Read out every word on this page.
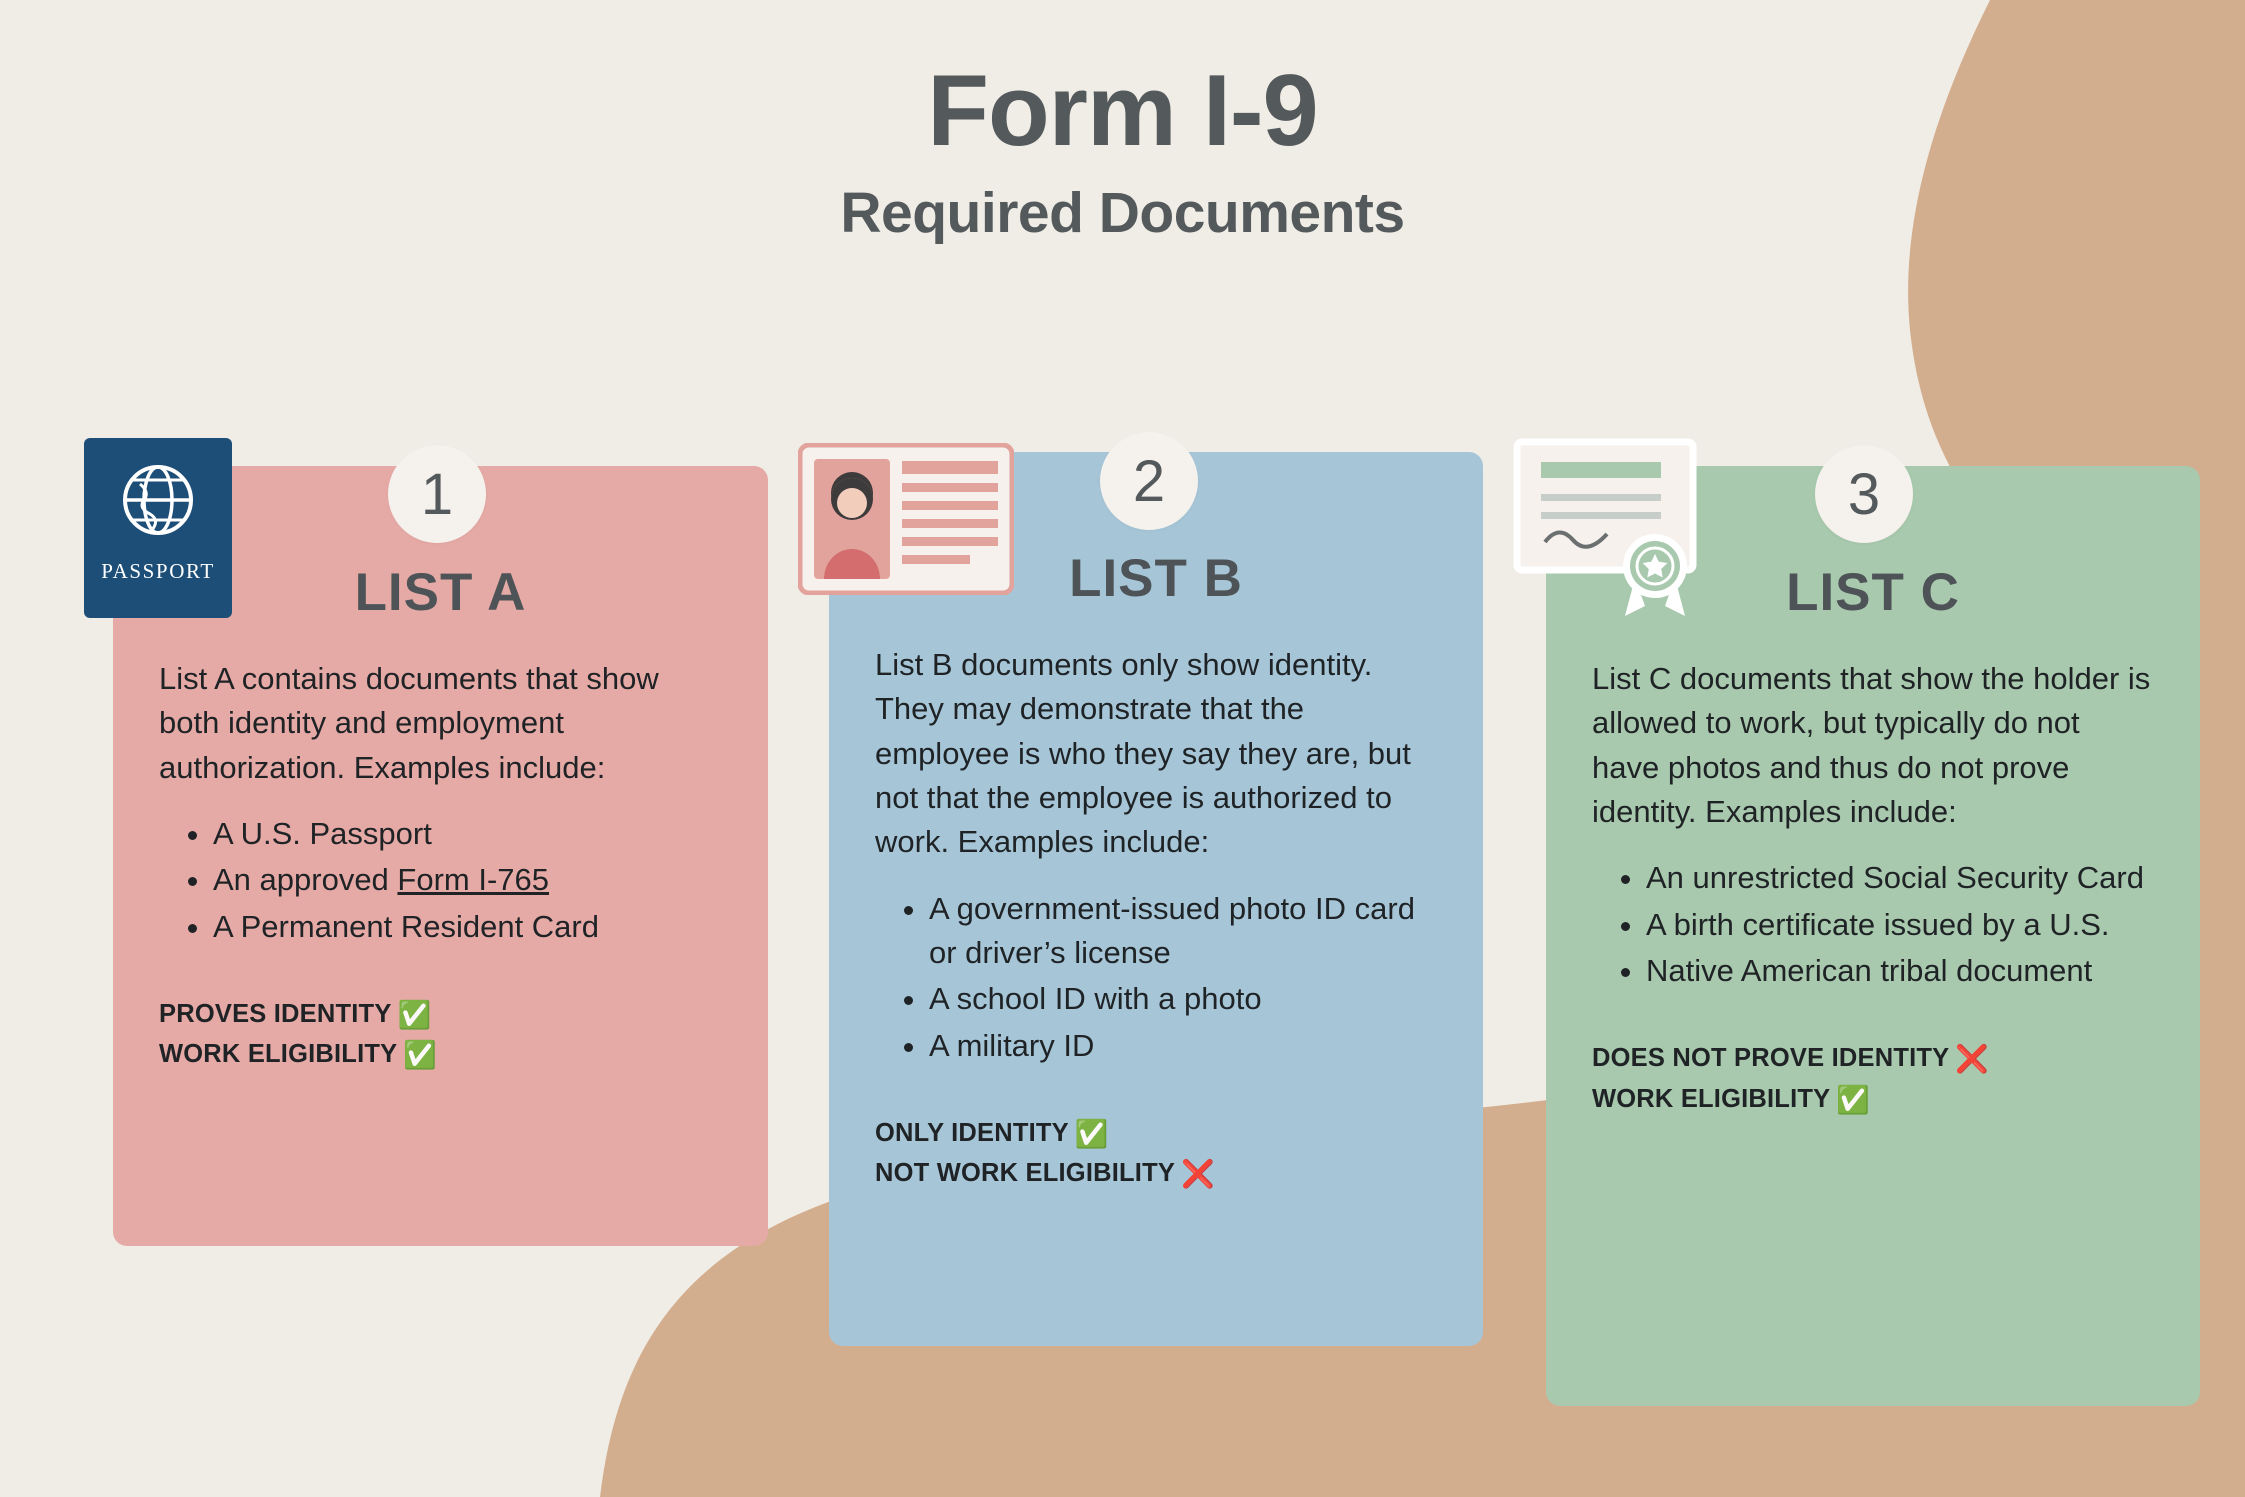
Form I-9
Required Documents
LIST A

List A contains documents that show both identity and employment authorization. Examples include:

• A U.S. Passport
• An approved Form I-765
• A Permanent Resident Card
PROVES IDENTITY ✅
WORK ELIGIBILITY ✅
LIST B

List B documents only show identity. They may demonstrate that the employee is who they say they are, but not that the employee is authorized to work. Examples include:

• A government-issued photo ID card or driver’s license
• A school ID with a photo
• A military ID
ONLY IDENTITY ✅
NOT WORK ELIGIBILITY ❌
LIST C

List C documents that show the holder is allowed to work, but typically do not have photos and thus do not prove identity. Examples include:

• An unrestricted Social Security Card
• A birth certificate issued by a U.S.
• Native American tribal document
DOES NOT PROVE IDENTITY ❌
WORK ELIGIBILITY ✅
1	2	3
PASSPORT
